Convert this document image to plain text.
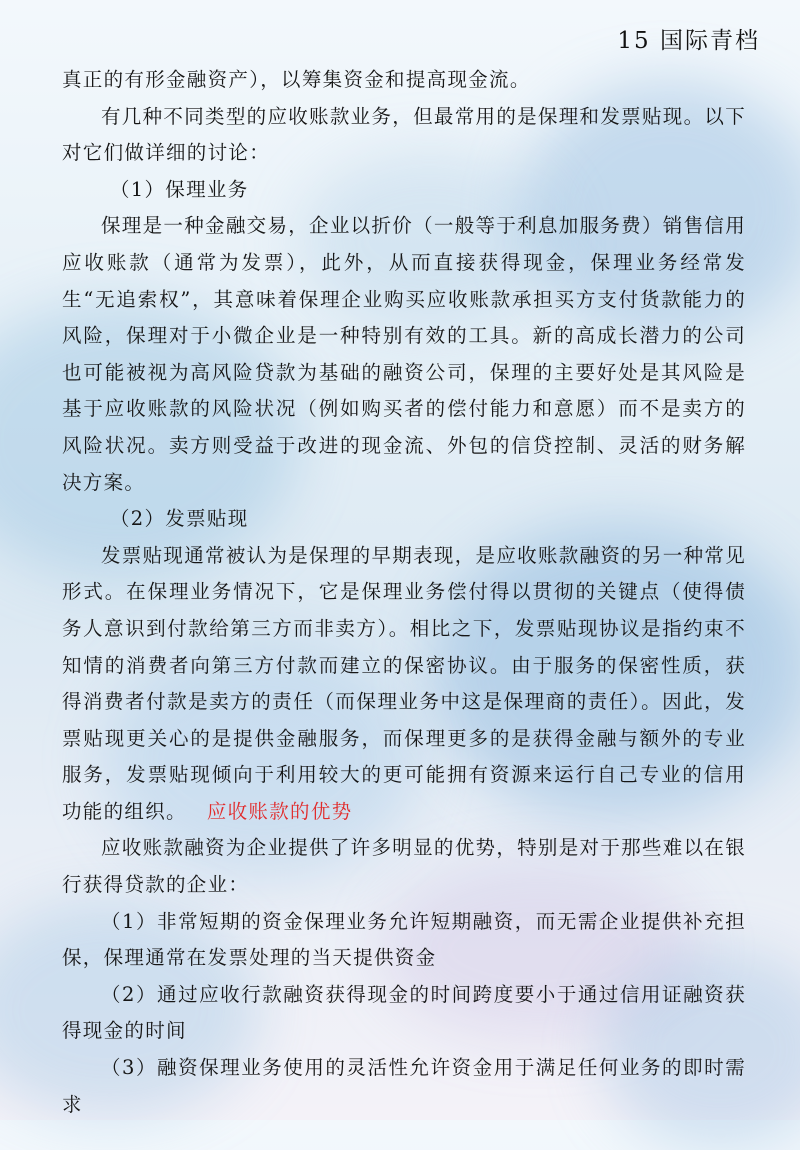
15 国际青档

真正的有形金融资产），以筹集资金和提高现金流。

有几种不同类型的应收账款业务，但最常用的是保理和发票贴现。以下对它们做详细的讨论：

（1）保理业务

保理是一种金融交易，企业以折价（一般等于利息加服务费）销售信用应收账款（通常为发票），此外，从而直接获得现金，保理业务经常发生“无追索权”，其意味着保理企业购买应收账款承担买方支付货款能力的风险，保理对于小微企业是一种特别有效的工具。新的高成长潜力的公司也可能被视为高风险贷款为基础的融资公司，保理的主要好处是其风险是基于应收账款的风险状况（例如购买者的偿付能力和意愿）而不是卖方的风险状况。卖方则受益于改进的现金流、外包的信贷控制、灵活的财务解决方案。

（2）发票贴现

发票贴现通常被认为是保理的早期表现，是应收账款融资的另一种常见形式。在保理业务情况下，它是保理业务偿付得以贯彻的关键点（使得债务人意识到付款给第三方而非卖方）。相比之下，发票贴现协议是指约束不知情的消费者向第三方付款而建立的保密协议。由于服务的保密性质，获得消费者付款是卖方的责任（而保理业务中这是保理商的责任）。因此，发票贴现更关心的是提供金融服务，而保理更多的是获得金融与额外的专业服务，发票贴现倾向于利用较大的更可能拥有资源来运行自己专业的信用功能的组织。 应收账款的优势

应收账款融资为企业提供了许多明显的优势，特别是对于那些难以在银行获得贷款的企业：

（1）非常短期的资金保理业务允许短期融资，而无需企业提供补充担保，保理通常在发票处理的当天提供资金

（2）通过应收行款融资获得现金的时间跨度要小于通过信用证融资获得现金的时间

（3）融资保理业务使用的灵活性允许资金用于满足任何业务的即时需求
